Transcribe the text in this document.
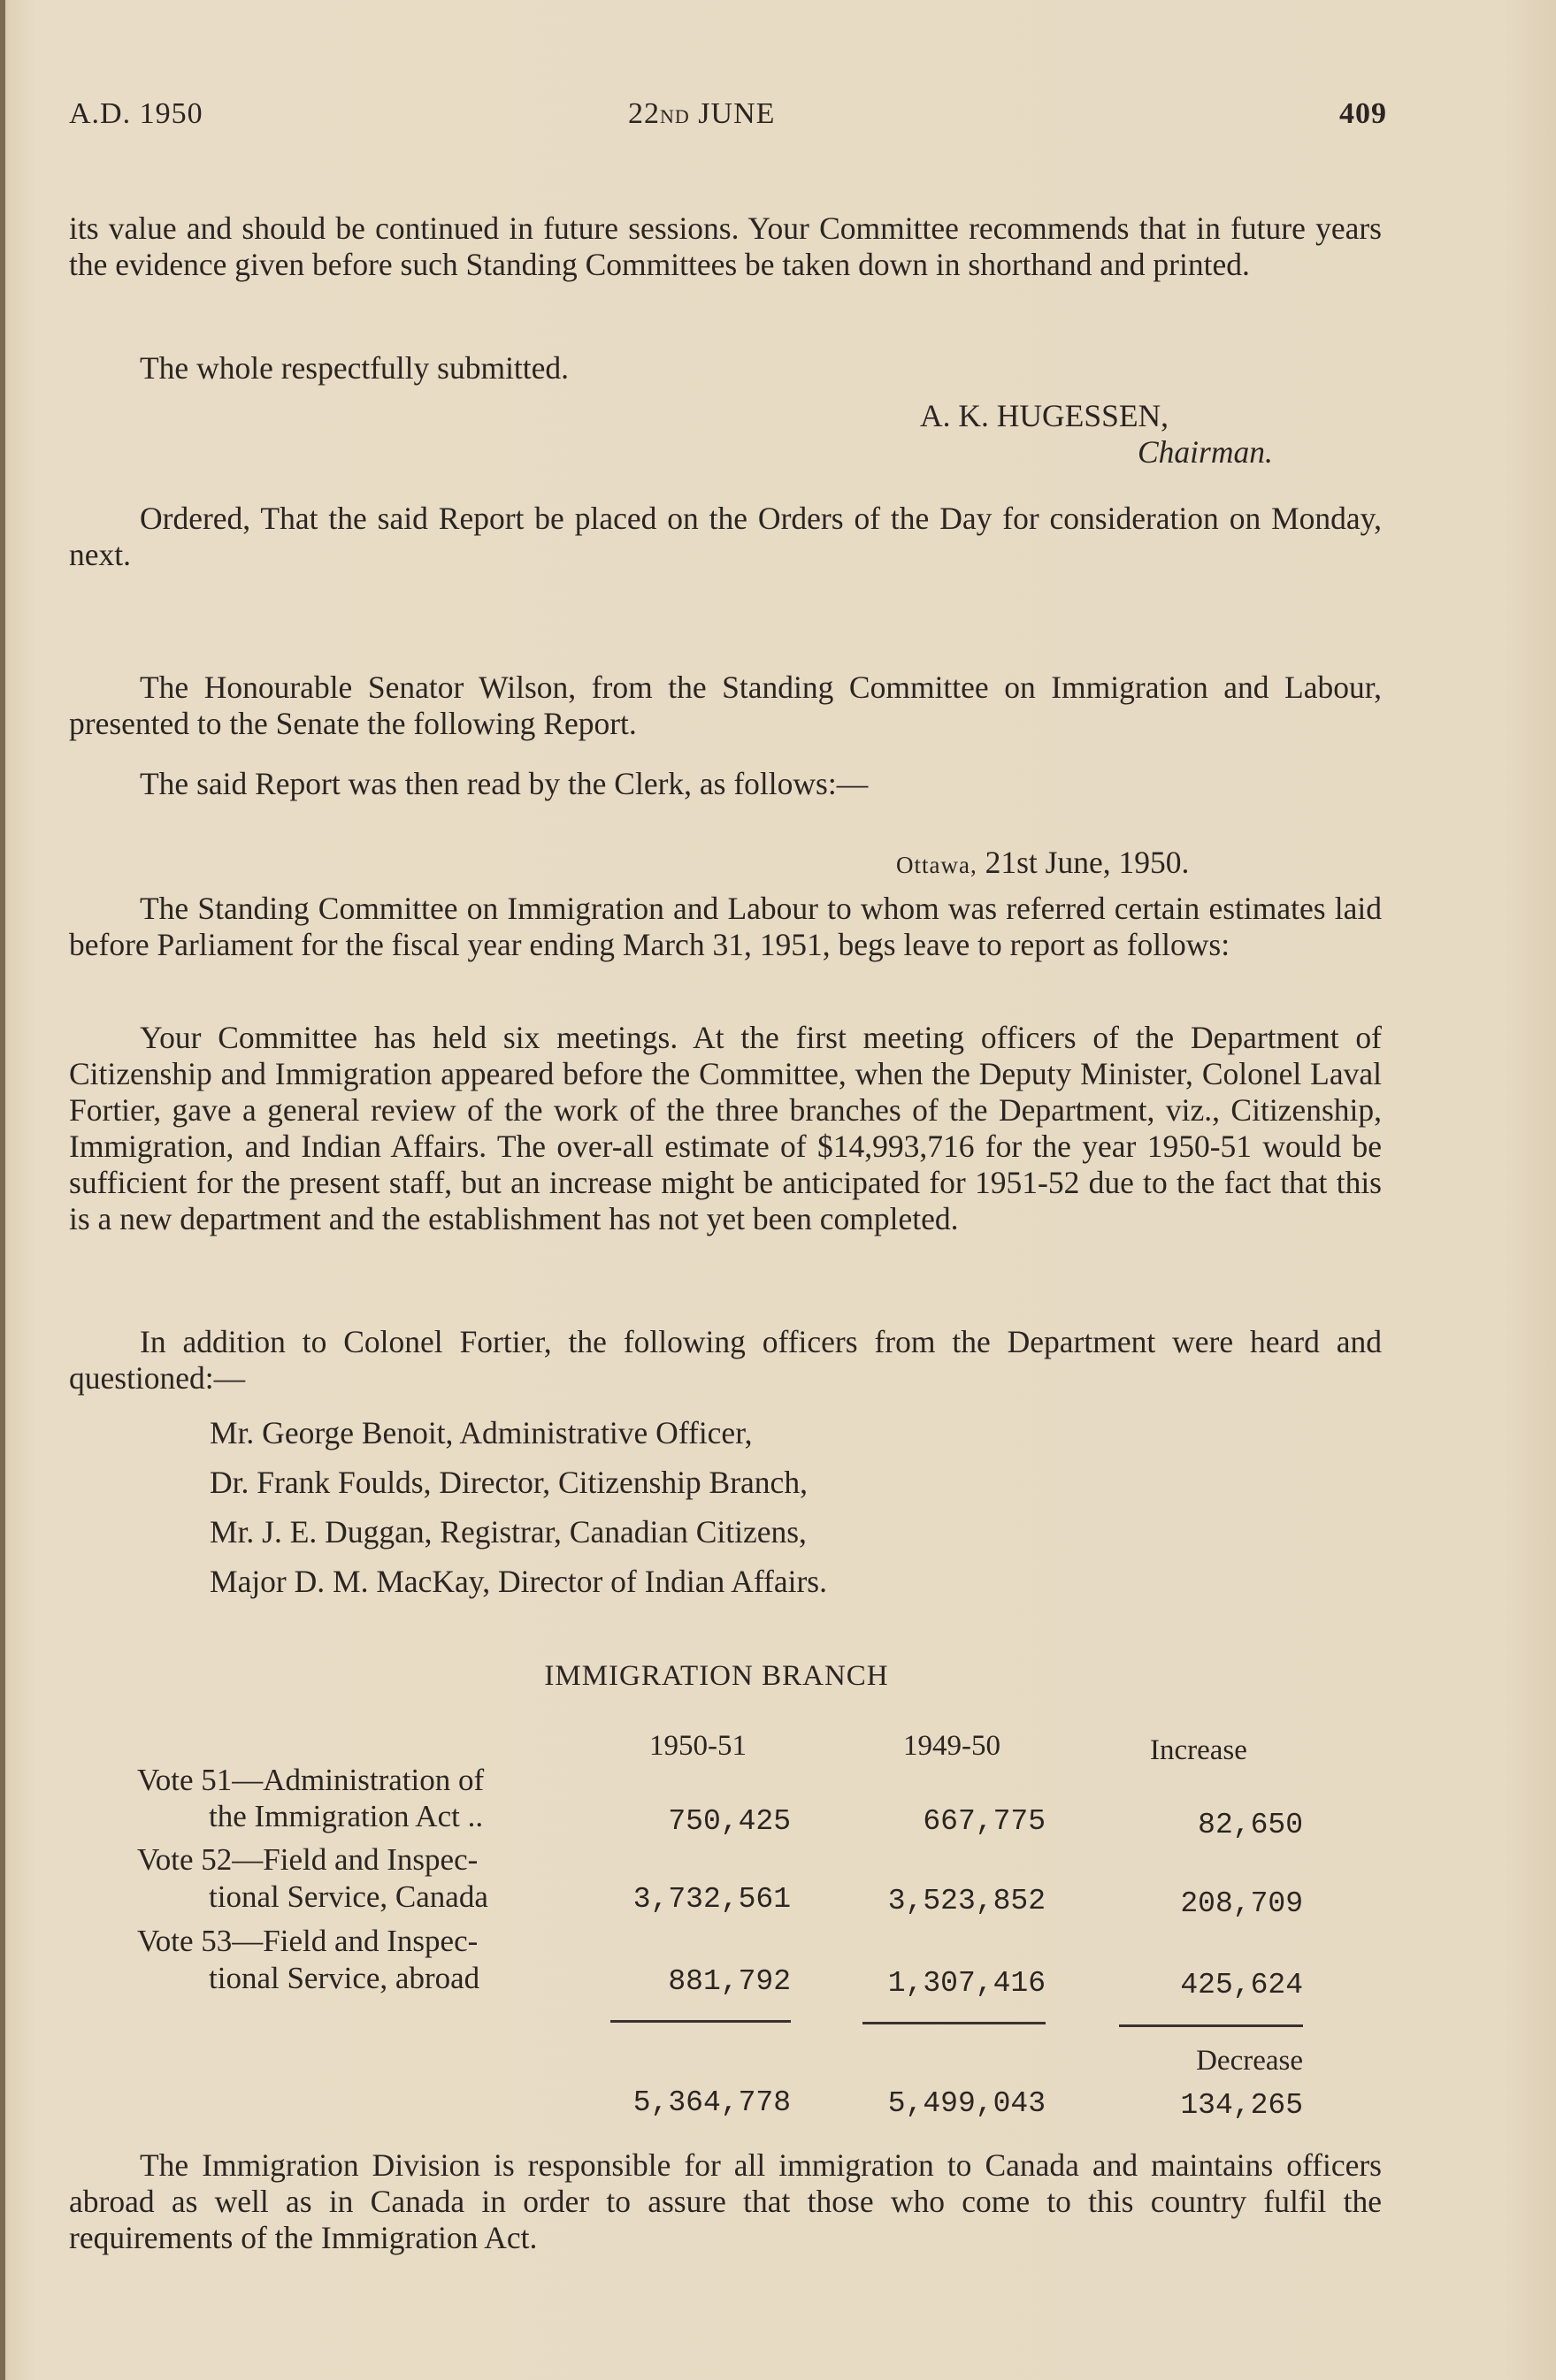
A.D. 1950	22ND JUNE	409
its value and should be continued in future sessions. Your Committee recommends that in future years the evidence given before such Standing Committees be taken down in shorthand and printed.
The whole respectfully submitted.
A. K. HUGESSEN,
Chairman.
Ordered, That the said Report be placed on the Orders of the Day for consideration on Monday, next.
The Honourable Senator Wilson, from the Standing Committee on Immigration and Labour, presented to the Senate the following Report.
The said Report was then read by the Clerk, as follows:—
Ottawa, 21st June, 1950.
The Standing Committee on Immigration and Labour to whom was referred certain estimates laid before Parliament for the fiscal year ending March 31, 1951, begs leave to report as follows:
Your Committee has held six meetings. At the first meeting officers of the Department of Citizenship and Immigration appeared before the Committee, when the Deputy Minister, Colonel Laval Fortier, gave a general review of the work of the three branches of the Department, viz., Citizenship, Immigration, and Indian Affairs. The over-all estimate of $14,993,716 for the year 1950-51 would be sufficient for the present staff, but an increase might be anticipated for 1951-52 due to the fact that this is a new department and the establishment has not yet been completed.
In addition to Colonel Fortier, the following officers from the Department were heard and questioned:—
Mr. George Benoit, Administrative Officer,
Dr. Frank Foulds, Director, Citizenship Branch,
Mr. J. E. Duggan, Registrar, Canadian Citizens,
Major D. M. MacKay, Director of Indian Affairs.
IMMIGRATION BRANCH
1950-51	1949-50	Increase
Vote 51—Administration of
the Immigration Act ..	750,425	667,775	82,650
Vote 52—Field and Inspec-
tional Service, Canada	3,732,561	3,523,852	208,709
Vote 53—Field and Inspec-
tional Service, abroad	881,792	1,307,416	425,624
Decrease
5,364,778	5,499,043	134,265
The Immigration Division is responsible for all immigration to Canada and maintains officers abroad as well as in Canada in order to assure that those who come to this country fulfil the requirements of the Immigration Act.
